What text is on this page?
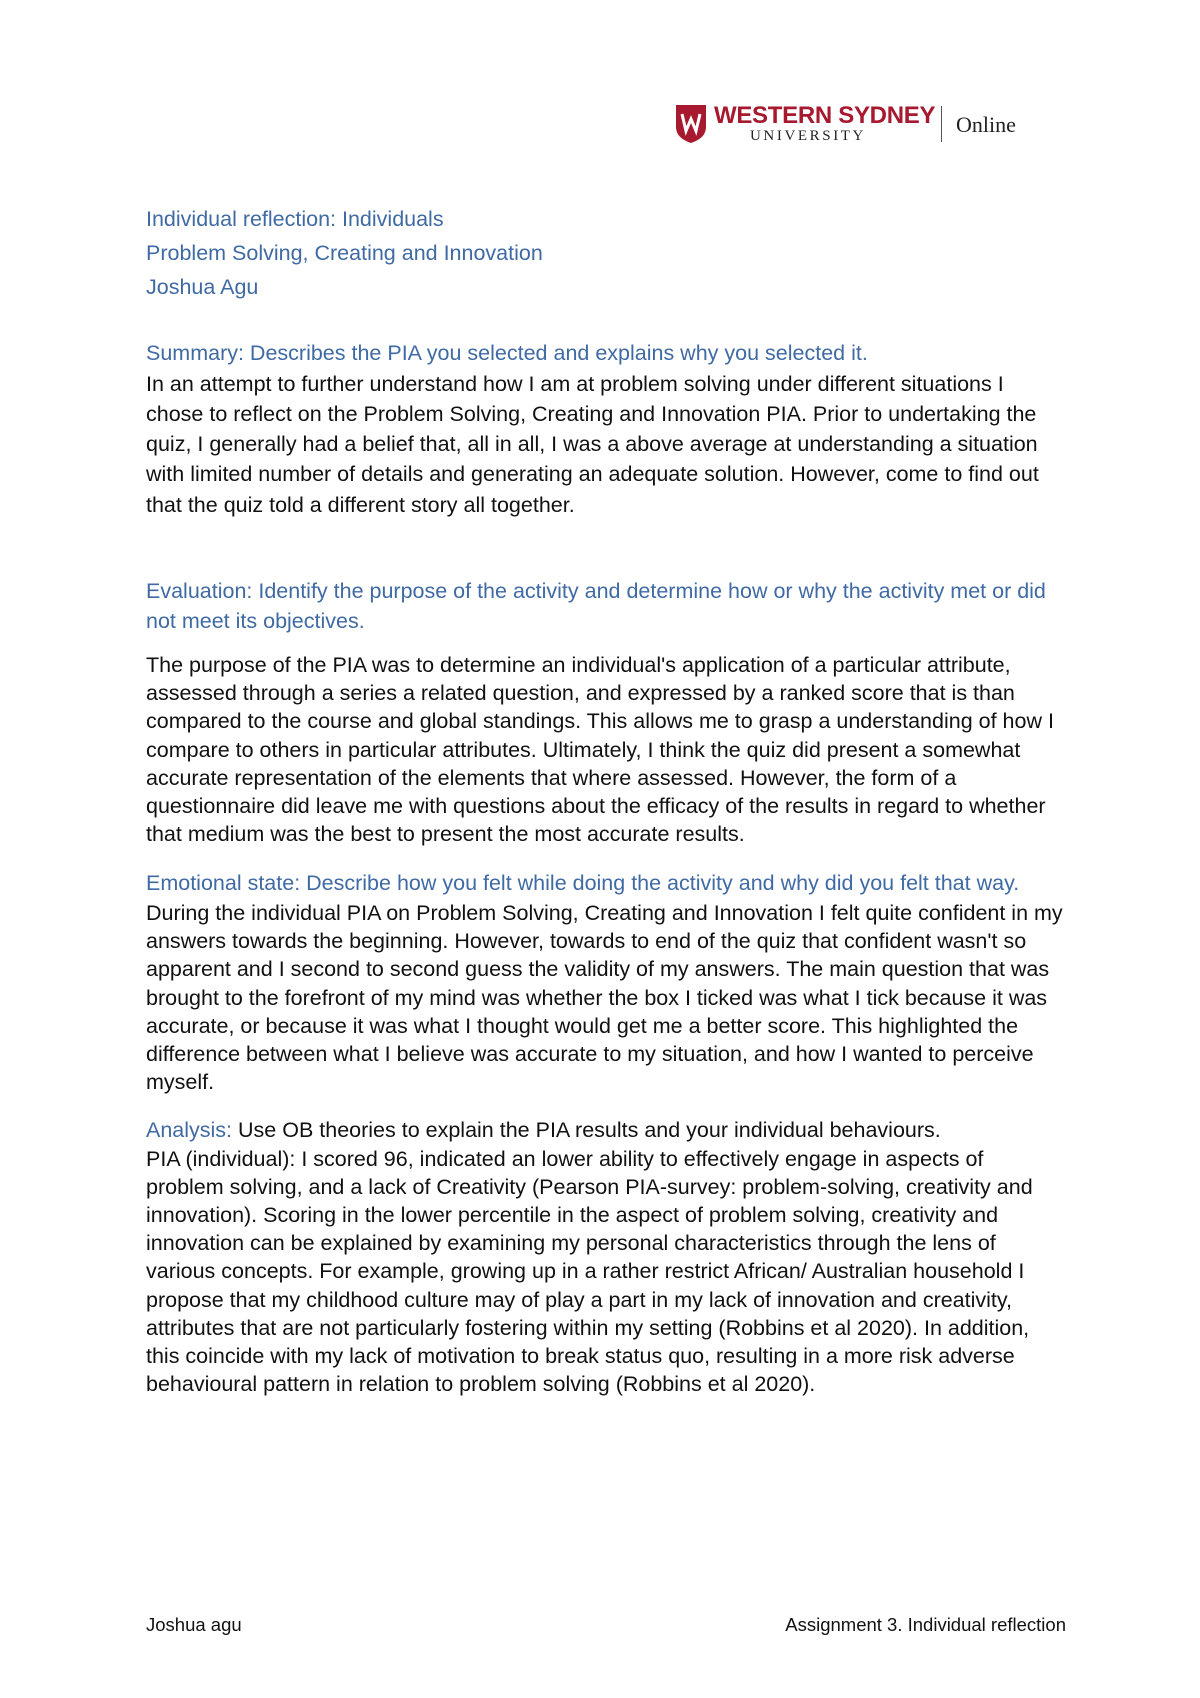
WESTERN SYDNEY
UNIVERSITY	Online

Individual reflection: Individuals

Problem Solving, Creating and Innovation

Joshua Agu

Summary: Describes the PIA you selected and explains why you selected it.

In an attempt to further understand how I am at problem solving under different situations I chose to reflect on the Problem Solving, Creating and Innovation PIA. Prior to undertaking the quiz, I generally had a belief that, all in all, I was a above average at understanding a situation with limited number of details and generating an adequate solution. However, come to find out that the quiz told a different story all together.

Evaluation: Identify the purpose of the activity and determine how or why the activity met or did not meet its objectives.

The purpose of the PIA was to determine an individual's application of a particular attribute, assessed through a series a related question, and expressed by a ranked score that is than compared to the course and global standings. This allows me to grasp a understanding of how I compare to others in particular attributes. Ultimately, I think the quiz did present a somewhat accurate representation of the elements that where assessed. However, the form of a questionnaire did leave me with questions about the efficacy of the results in regard to whether that medium was the best to present the most accurate results.

Emotional state: Describe how you felt while doing the activity and why did you felt that way.

During the individual PIA on Problem Solving, Creating and Innovation I felt quite confident in my answers towards the beginning. However, towards to end of the quiz that confident wasn't so apparent and I second to second guess the validity of my answers. The main question that was brought to the forefront of my mind was whether the box I ticked was what I tick because it was accurate, or because it was what I thought would get me a better score. This highlighted the difference between what I believe was accurate to my situation, and how I wanted to perceive myself.

Analysis: Use OB theories to explain the PIA results and your individual behaviours.

PIA (individual): I scored 96, indicated an lower ability to effectively engage in aspects of problem solving, and a lack of Creativity (Pearson PIA-survey: problem-solving, creativity and innovation). Scoring in the lower percentile in the aspect of problem solving, creativity and innovation can be explained by examining my personal characteristics through the lens of various concepts. For example, growing up in a rather restrict African/ Australian household I propose that my childhood culture may of play a part in my lack of innovation and creativity, attributes that are not particularly fostering within my setting (Robbins et al 2020). In addition, this coincide with my lack of motivation to break status quo, resulting in a more risk adverse behavioural pattern in relation to problem solving (Robbins et al 2020).

Joshua agu	Assignment 3. Individual reflection
